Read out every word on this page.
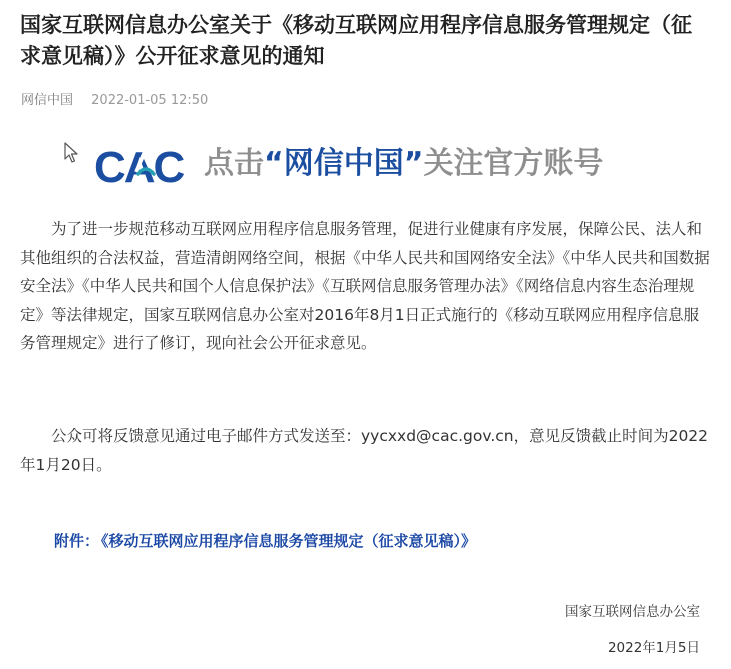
国家互联网信息办公室关于《移动互联网应用程序信息服务管理规定（征求意见稿）》公开征求意见的通知
网信中国 2022-01-05 12:50
CAC 点击“网信中国”关注官方账号

为了进一步规范移动互联网应用程序信息服务管理，促进行业健康有序发展，保障公民、法人和其他组织的合法权益，营造清朗网络空间，根据《中华人民共和国网络安全法》《中华人民共和国数据安全法》《中华人民共和国个人信息保护法》《互联网信息服务管理办法》《网络信息内容生态治理规定》等法律规定，国家互联网信息办公室对2016年8月1日正式施行的《移动互联网应用程序信息服务管理规定》进行了修订，现向社会公开征求意见。

公众可将反馈意见通过电子邮件方式发送至：yycxxd@cac.gov.cn，意见反馈截止时间为2022年1月20日。

附件： 《移动互联网应用程序信息服务管理规定（征求意见稿）》
国家互联网信息办公室
2022年1月5日
